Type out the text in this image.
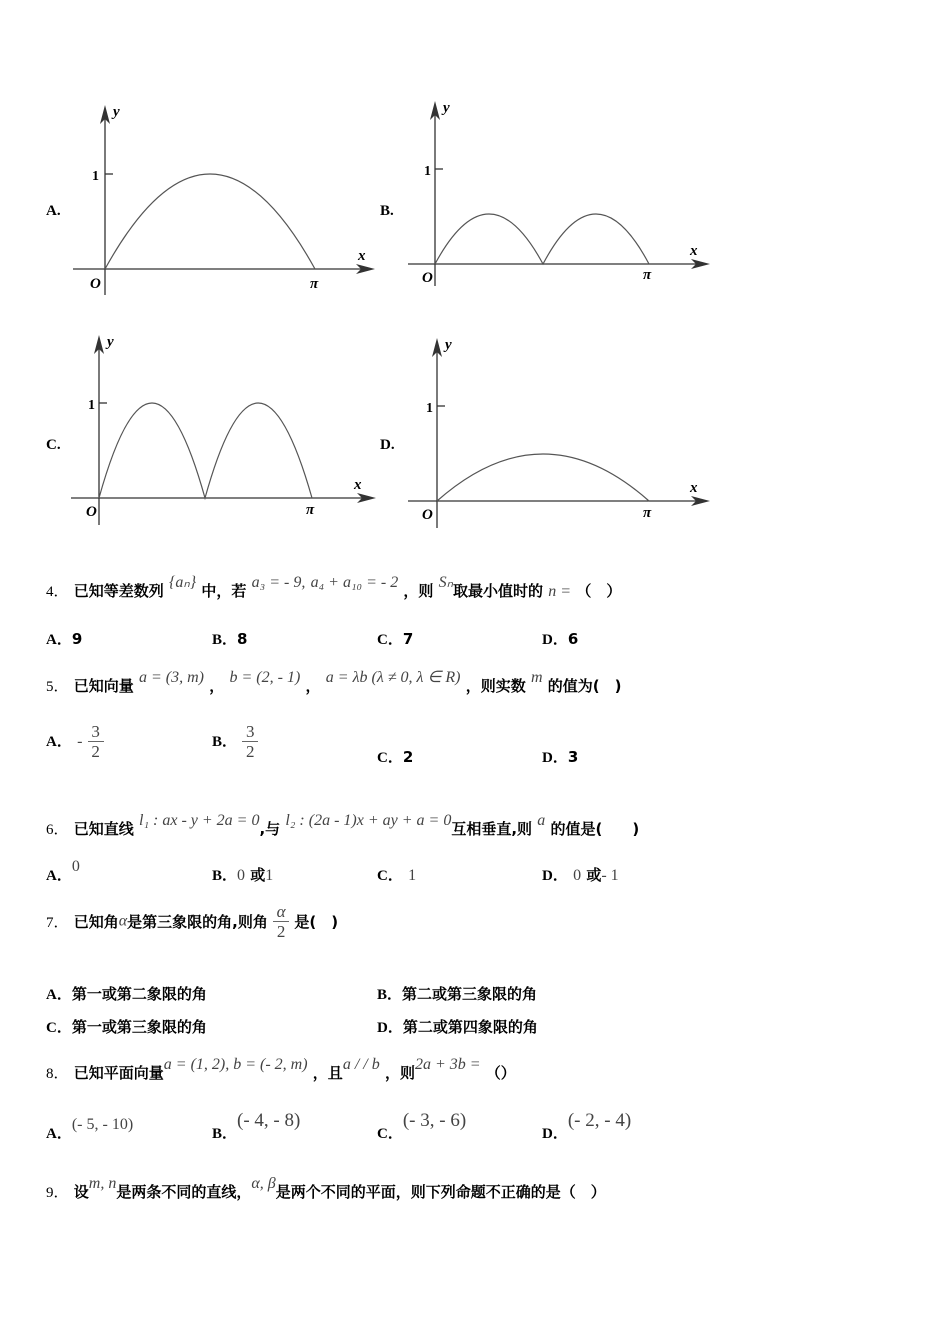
A.
y
x
1
O	π
B.
y
x
1
O	π
C.
y
x
1
O	π
D.
y
x
1
O	π
4． 已知等差数列 {aₙ} 中，若 a₃ = - 9, a₄ + a₁₀ = - 2 ，则 Sₙ取最小值时的 n = （　）
A．9	B．8	C．7	D．6
5． 已知向量 a = (3, m) ， b = (2, - 1) ， a = λb (λ ≠ 0, λ ∈ R) ，则实数 m 的值为(　)
A． - $\frac{3}{2}$	B． $\frac{3}{2}$	C．2	D．3
6． 已知直线 l₁ : ax - y + 2a = 0,与 l₂ : (2a - 1)x + ay + a = 0互相垂直,则 a 的值是(　　)
A．0
B．0 或1	C． 1	D． 0 或- 1
7． 已知角α是第三象限的角,则角 $\frac{\alpha}{2}$ 是(　)
A．第一或第二象限的角	B．第二或第三象限的角
C．第一或第三象限的角	D．第二或第四象限的角
8． 已知平面向量a = (1, 2), b = (- 2, m) ，且a / / b ，则2a + 3b = （）
A．(- 5, - 10)
B．(- 4, - 8)
C．(- 3, - 6)
D．(- 2, - 4)
9． 设m, n是两条不同的直线，α, β是两个不同的平面，则下列命题不正确的是（　）
